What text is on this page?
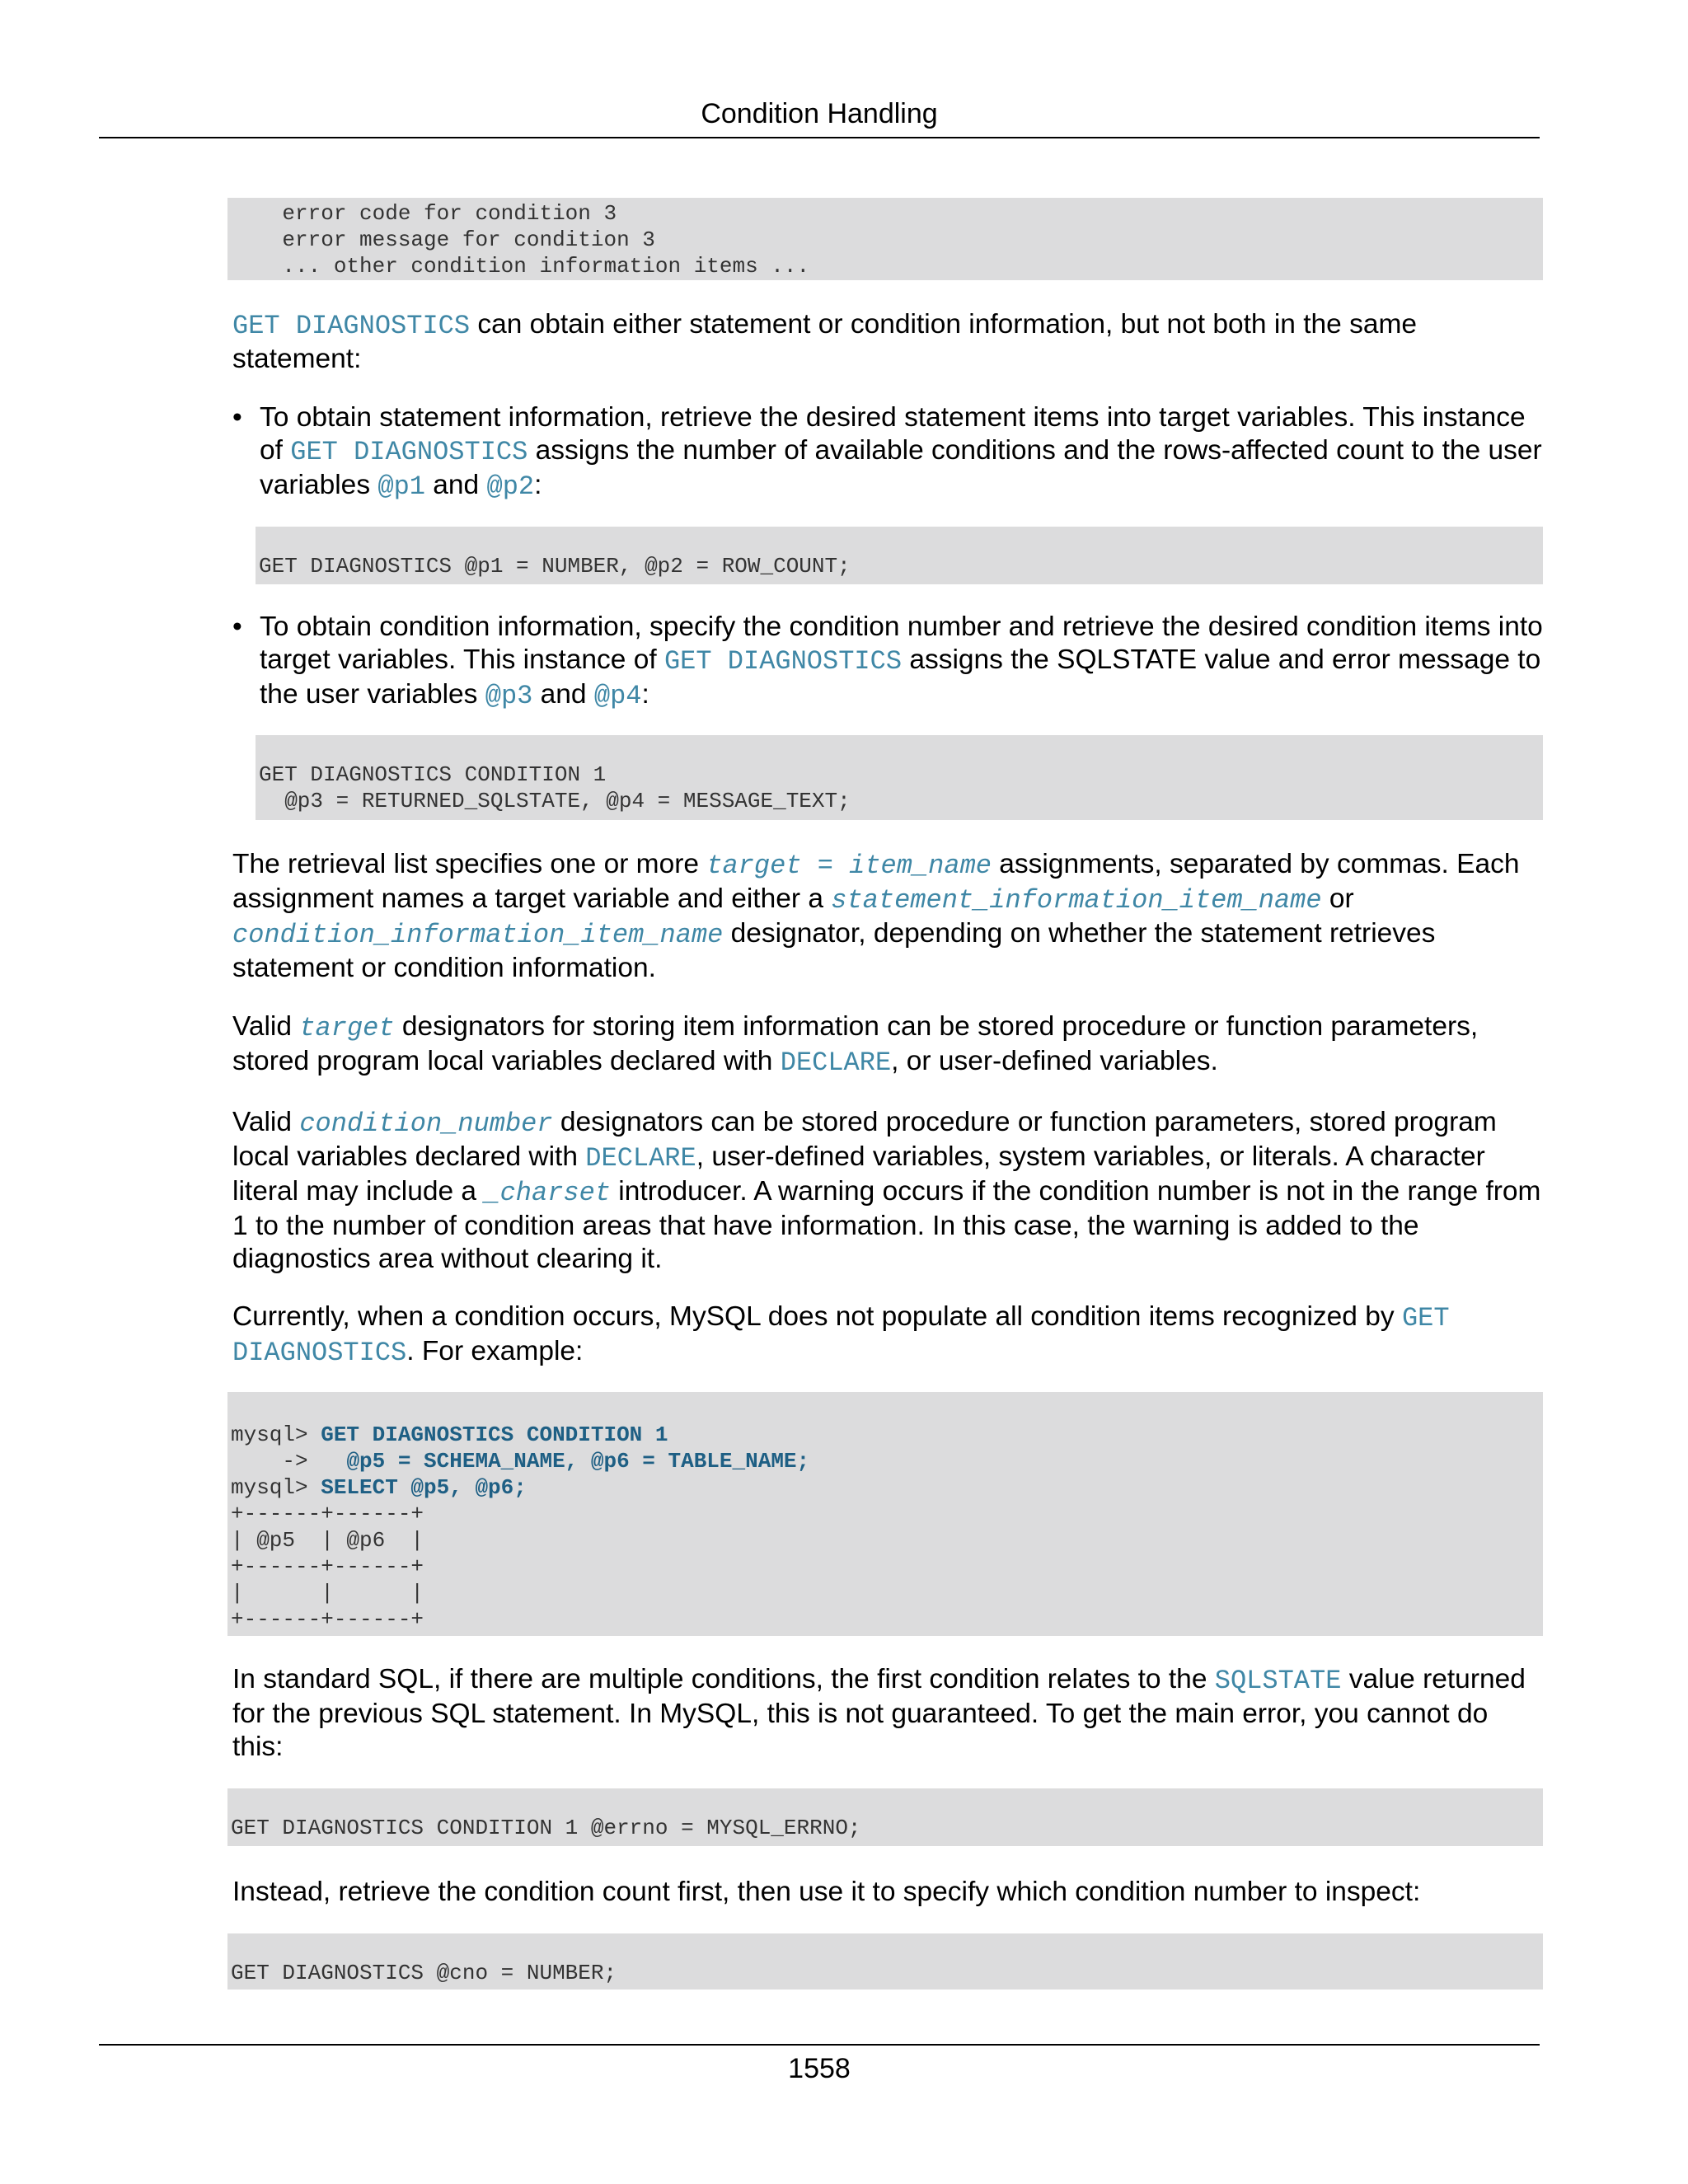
Condition Handling
error code for condition 3
error message for condition 3
... other condition information items ...

GET DIAGNOSTICS can obtain either statement or condition information, but not both in the same
statement:

• To obtain statement information, retrieve the desired statement items into target variables. This instance of GET DIAGNOSTICS assigns the number of available conditions and the rows-affected count to the user variables @p1 and @p2:
GET DIAGNOSTICS @p1 = NUMBER, @p2 = ROW_COUNT;
• To obtain condition information, specify the condition number and retrieve the desired condition items into target variables. This instance of GET DIAGNOSTICS assigns the SQLSTATE value and error message to the user variables @p3 and @p4:
GET DIAGNOSTICS CONDITION 1
@p3 = RETURNED_SQLSTATE, @p4 = MESSAGE_TEXT;

The retrieval list specifies one or more target = item_name assignments, separated by commas. Each assignment names a target variable and either a statement_information_item_name or condition_information_item_name designator, depending on whether the statement retrieves statement or condition information.

Valid target designators for storing item information can be stored procedure or function parameters, stored program local variables declared with DECLARE, or user-defined variables.

Valid condition_number designators can be stored procedure or function parameters, stored program local variables declared with DECLARE, user-defined variables, system variables, or literals. A character literal may include a _charset introducer. A warning occurs if the condition number is not in the range from 1 to the number of condition areas that have information. In this case, the warning is added to the diagnostics area without clearing it.

Currently, when a condition occurs, MySQL does not populate all condition items recognized by GET DIAGNOSTICS. For example:

mysql> GET DIAGNOSTICS CONDITION 1
->   @p5 = SCHEMA_NAME, @p6 = TABLE_NAME;
mysql> SELECT @p5, @p6;
+------+------+
| @p5  | @p6  |
+------+------+
|      |      |
+------+------+

In standard SQL, if there are multiple conditions, the first condition relates to the SQLSTATE value returned for the previous SQL statement. In MySQL, this is not guaranteed. To get the main error, you cannot do this:

GET DIAGNOSTICS CONDITION 1 @errno = MYSQL_ERRNO;

Instead, retrieve the condition count first, then use it to specify which condition number to inspect:

GET DIAGNOSTICS @cno = NUMBER;
1558
